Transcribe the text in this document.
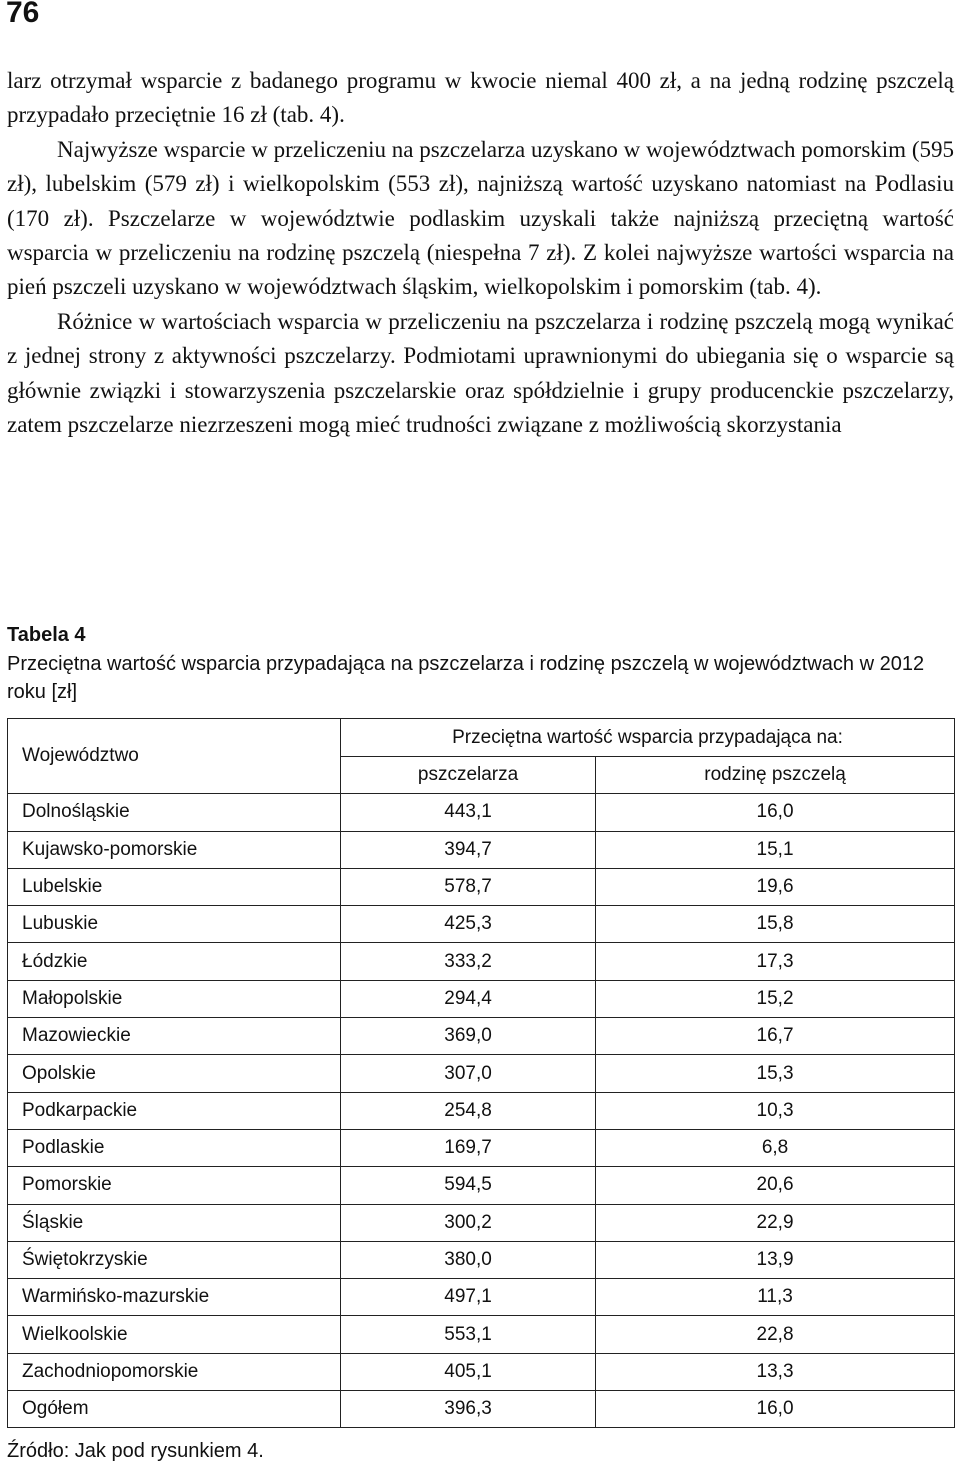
76

larz otrzymał wsparcie z badanego programu w kwocie niemal 400 zł, a na jedną rodzinę pszczelą przypadało przeciętnie 16 zł (tab. 4).

Najwyższe wsparcie w przeliczeniu na pszczelarza uzyskano w województwach pomorskim (595 zł), lubelskim (579 zł) i wielkopolskim (553 zł), najniższą wartość uzyskano natomiast na Podlasiu (170 zł). Pszczelarze w województwie podlaskim uzyskali także najniższą przeciętną wartość wsparcia w przeliczeniu na rodzinę pszczelą (niespełna 7 zł). Z kolei najwyższe wartości wsparcia na pień pszczeli uzyskano w województwach śląskim, wielkopolskim i pomorskim (tab. 4).

Różnice w wartościach wsparcia w przeliczeniu na pszczelarza i rodzinę pszczelą mogą wynikać z jednej strony z aktywności pszczelarzy. Podmiotami uprawnionymi do ubiegania się o wsparcie są głównie związki i stowarzyszenia pszczelarskie oraz spółdzielnie i grupy producenckie pszczelarzy, zatem pszczelarze niezrzeszeni mogą mieć trudności związane z możliwością skorzystania

Tabela 4
Przeciętna wartość wsparcia przypadająca na pszczelarza i rodzinę pszczelą w województwach w 2012 roku [zł]
Województwo	Przeciętna wartość wsparcia przypadająca na:	
	pszczelarza	rodzinę pszczelą
Dolnośląskie	443,1	16,0
Kujawsko-pomorskie	394,7	15,1
Lubelskie	578,7	19,6
Lubuskie	425,3	15,8
Łódzkie	333,2	17,3
Małopolskie	294,4	15,2
Mazowieckie	369,0	16,7
Opolskie	307,0	15,3
Podkarpackie	254,8	10,3
Podlaskie	169,7	6,8
Pomorskie	594,5	20,6
Śląskie	300,2	22,9
Świętokrzyskie	380,0	13,9
Warmińsko-mazurskie	497,1	11,3
Wielkoolskie	553,1	22,8
Zachodniopomorskie	405,1	13,3
Ogółem	396,3	16,0
Źródło: Jak pod rysunkiem 4.
